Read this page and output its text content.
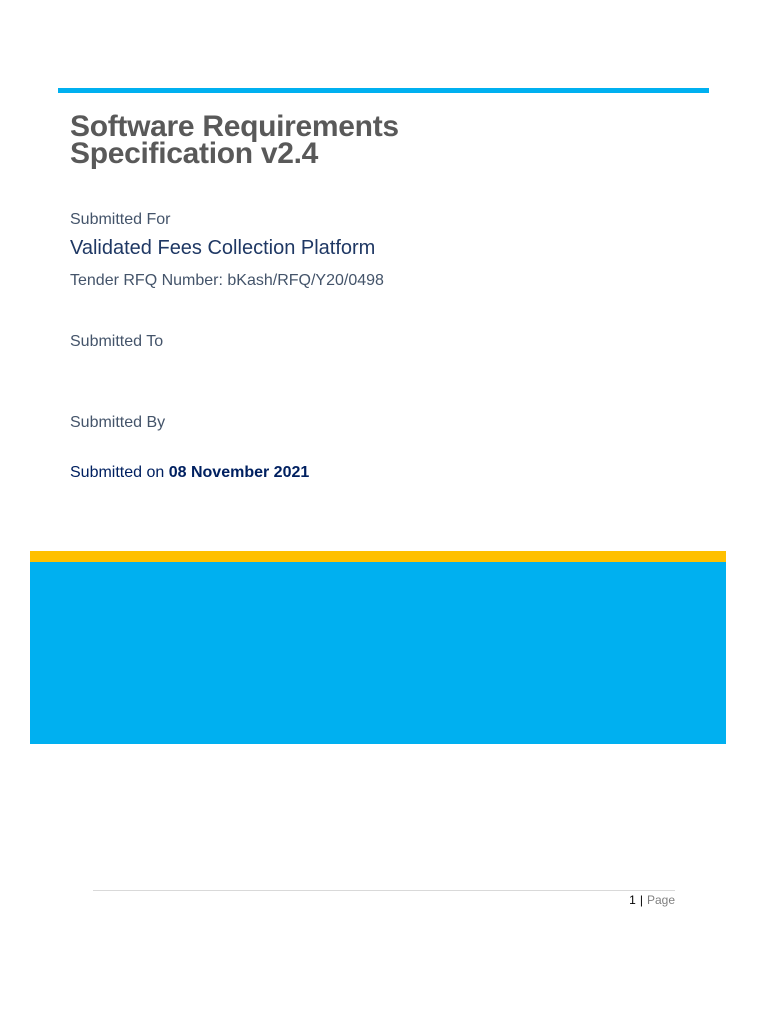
Software Requirements
Specification v2.4
Submitted For
Validated Fees Collection Platform
Tender RFQ Number: bKash/RFQ/Y20/0498
Submitted To
Submitted By
Submitted on 08 November 2021
1 | Page
